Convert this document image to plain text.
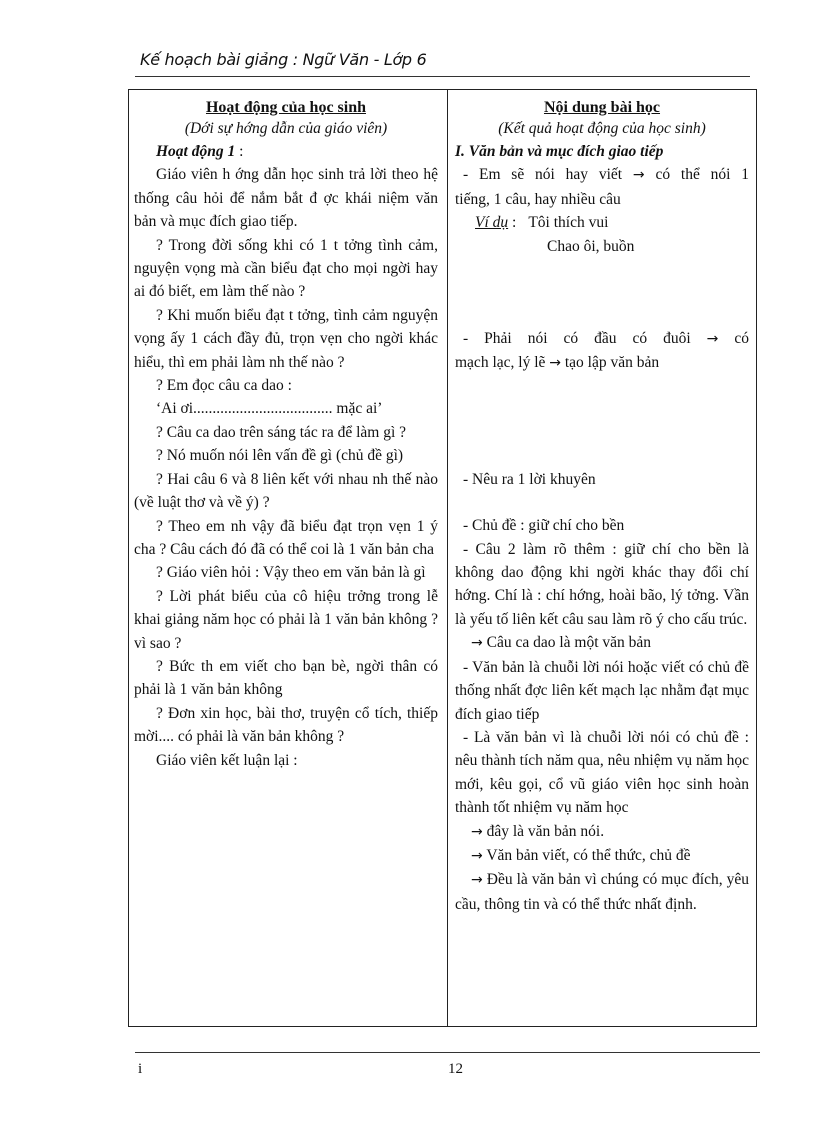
Kế hoạch bài giảng : Ngữ Văn - Lớp 6
Hoạt động của học sinh
(Dới sự hớng dẫn của giáo viên)
Hoạt động 1 :
Giáo viên h ớng dẫn học sinh trả lời theo hệ thống câu hỏi để nắm bắt đ ợc khái niệm văn bản và mục đích giao tiếp.
? Trong đời sống khi có 1 t tởng tình cảm, nguyện vọng mà cần biểu đạt cho mọi ngời hay ai đó biết, em làm thế nào ?
? Khi muốn biểu đạt t tởng, tình cảm nguyện vọng ấy 1 cách đầy đủ, trọn vẹn cho ngời khác hiểu, thì em phải làm nh thế nào ?
? Em đọc câu ca dao :
‘Ai ơi.................................... mặc ai’
? Câu ca dao trên sáng tác ra để làm gì ?
? Nó muốn nói lên vấn đề gì (chủ đề gì)
? Hai câu 6 và 8 liên kết với nhau nh thế nào (về luật thơ và về ý) ?
? Theo em nh vậy đã biểu đạt trọn vẹn 1 ý cha ? Câu cách đó đã có thể coi là 1 văn bản cha
? Giáo viên hỏi : Vậy theo em văn bản là gì
? Lời phát biểu của cô hiệu trởng trong lễ khai giảng năm học có phải là 1 văn bản không ? vì sao ?
? Bức th em viết cho bạn bè, ngời thân có phải là 1 văn bản không
? Đơn xin học, bài thơ, truyện cổ tích, thiếp mời.... có phải là văn bản không ?
Giáo viên kết luận lại :
Nội dung bài học
(Kết quả hoạt động của học sinh)
I. Văn bản và mục đích giao tiếp
- Em sẽ nói hay viết → có thể nói 1
tiếng, 1 câu, hay nhiều câu
Ví dụ : Tôi thích vui
Chao ôi, buồn
- Phải nói có đầu có đuôi → có
mạch lạc, lý lẽ → tạo lập văn bản
- Nêu ra 1 lời khuyên
- Chủ đề : giữ chí cho bền
- Câu 2 làm rõ thêm : giữ chí cho bền là không dao động khi ngời khác thay đổi chí hớng. Chí là : chí hớng, hoài bão, lý tởng. Vần là yếu tố liên kết câu sau làm rõ ý cho cấu trúc.
→ Câu ca dao là một văn bản
- Văn bản là chuỗi lời nói hoặc viết có chủ đề thống nhất đợc liên kết mạch lạc nhằm đạt mục đích giao tiếp
- Là văn bản vì là chuỗi lời nói có chủ đề : nêu thành tích năm qua, nêu nhiệm vụ năm học mới, kêu gọi, cổ vũ giáo viên học sinh hoàn thành tốt nhiệm vụ năm học
→ đây là văn bản nói.
→ Văn bản viết, có thể thức, chủ đề
→ Đều là văn bản vì chúng có mục đích, yêu cầu, thông tin và có thể thức nhất định.
i	12
